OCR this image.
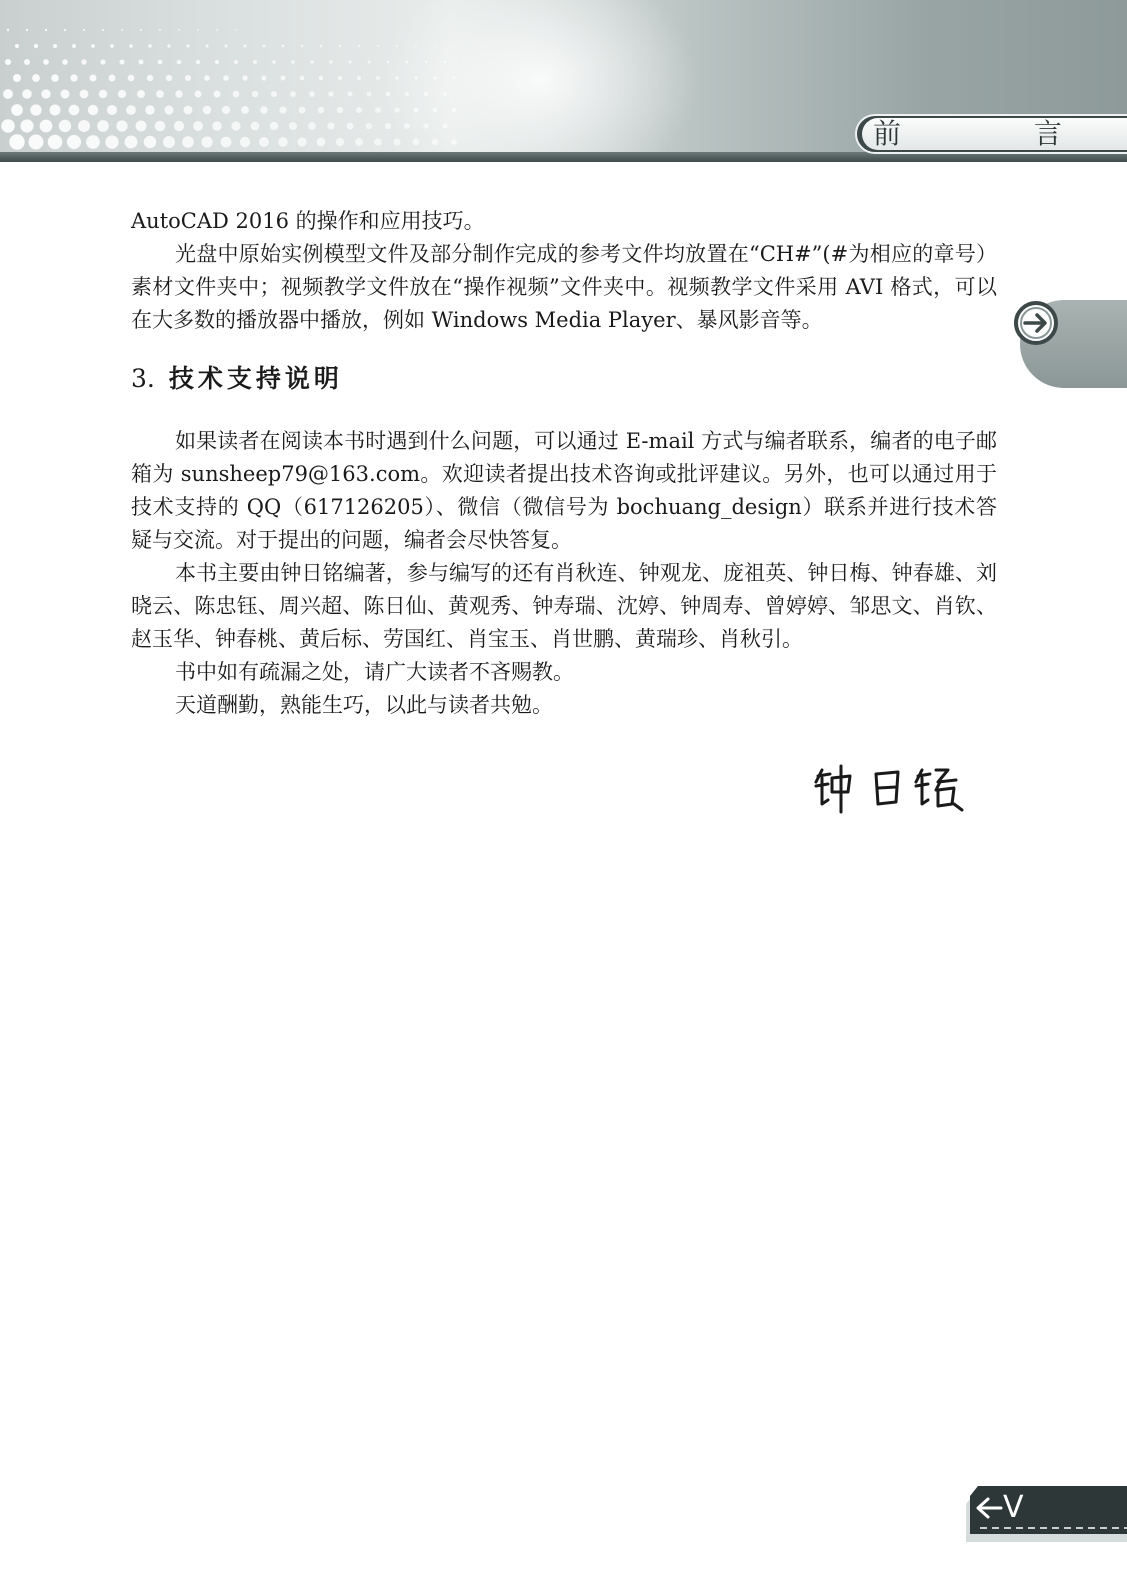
前 言

AutoCAD 2016 的操作和应用技巧。

光盘中原始实例模型文件及部分制作完成的参考文件均放置在“CH#”(#为相应的章号）素材文件夹中；视频教学文件放在“操作视频”文件夹中。视频教学文件采用 AVI 格式，可以在大多数的播放器中播放，例如 Windows Media Player、暴风影音等。

3. 技术支持说明

如果读者在阅读本书时遇到什么问题，可以通过 E-mail 方式与编者联系，编者的电子邮箱为 sunsheep79@163.com。欢迎读者提出技术咨询或批评建议。另外，也可以通过用于技术支持的 QQ（617126205）、微信（微信号为 bochuang_design）联系并进行技术答疑与交流。对于提出的问题，编者会尽快答复。

本书主要由钟日铭编著，参与编写的还有肖秋连、钟观龙、庞祖英、钟日梅、钟春雄、刘晓云、陈忠钰、周兴超、陈日仙、黄观秀、钟寿瑞、沈婷、钟周寿、曾婷婷、邹思文、肖钦、赵玉华、钟春桃、黄后标、劳国红、肖宝玉、肖世鹏、黄瑞珍、肖秋引。

书中如有疏漏之处，请广大读者不吝赐教。

天道酬勤，熟能生巧，以此与读者共勉。

V
